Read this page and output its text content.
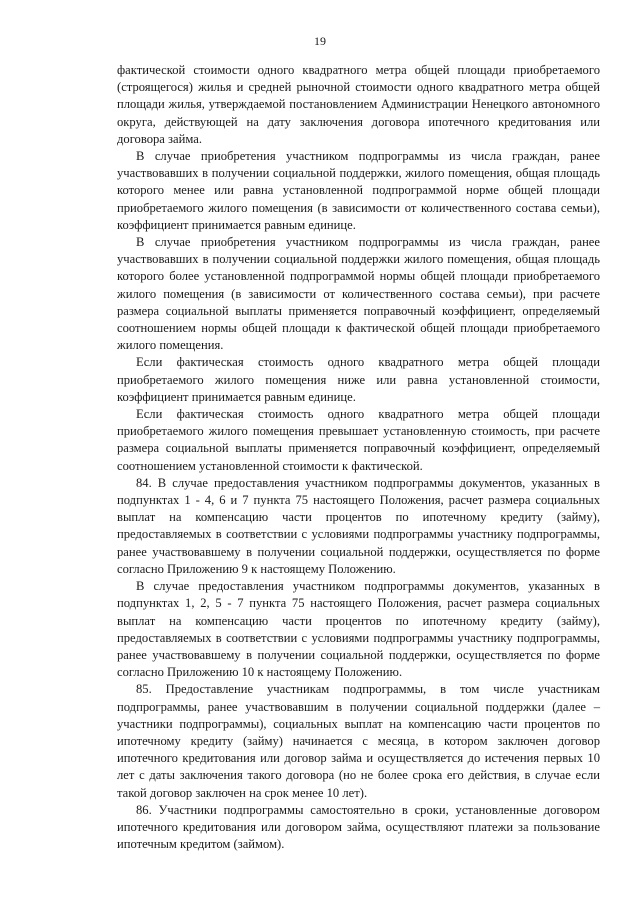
19

фактической стоимости одного квадратного метра общей площади приобретаемого (строящегося) жилья и средней рыночной стоимости одного квадратного метра общей площади жилья, утверждаемой постановлением Администрации Ненецкого автономного округа, действующей на дату заключения договора ипотечного кредитования или договора займа.

В случае приобретения участником подпрограммы из числа граждан, ранее участвовавших в получении социальной поддержки, жилого помещения, общая площадь которого менее или равна установленной подпрограммой норме общей площади приобретаемого жилого помещения (в зависимости от количественного состава семьи), коэффициент принимается равным единице.

В случае приобретения участником подпрограммы из числа граждан, ранее участвовавших в получении социальной поддержки жилого помещения, общая площадь которого более установленной подпрограммой нормы общей площади приобретаемого жилого помещения (в зависимости от количественного состава семьи), при расчете размера социальной выплаты применяется поправочный коэффициент, определяемый соотношением нормы общей площади к фактической общей площади приобретаемого жилого помещения.

Если фактическая стоимость одного квадратного метра общей площади приобретаемого жилого помещения ниже или равна установленной стоимости, коэффициент принимается равным единице.

Если фактическая стоимость одного квадратного метра общей площади приобретаемого жилого помещения превышает установленную стоимость, при расчете размера социальной выплаты применяется поправочный коэффициент, определяемый соотношением установленной стоимости к фактической.

84. В случае предоставления участником подпрограммы документов, указанных в подпунктах 1 - 4, 6 и 7 пункта 75 настоящего Положения, расчет размера социальных выплат на компенсацию части процентов по ипотечному кредиту (займу), предоставляемых в соответствии с условиями подпрограммы участнику подпрограммы, ранее участвовавшему в получении социальной поддержки, осуществляется по форме согласно Приложению 9 к настоящему Положению.

В случае предоставления участником подпрограммы документов, указанных в подпунктах 1, 2, 5 - 7 пункта 75 настоящего Положения, расчет размера социальных выплат на компенсацию части процентов по ипотечному кредиту (займу), предоставляемых в соответствии с условиями подпрограммы участнику подпрограммы, ранее участвовавшему в получении социальной поддержки, осуществляется по форме согласно Приложению 10 к настоящему Положению.

85. Предоставление участникам подпрограммы, в том числе участникам подпрограммы, ранее участвовавшим в получении социальной поддержки (далее – участники подпрограммы), социальных выплат на компенсацию части процентов по ипотечному кредиту (займу) начинается с месяца, в котором заключен договор ипотечного кредитования или договор займа и осуществляется до истечения первых 10 лет с даты заключения такого договора (но не более срока его действия, в случае если такой договор заключен на срок менее 10 лет).

86. Участники подпрограммы самостоятельно в сроки, установленные договором ипотечного кредитования или договором займа, осуществляют платежи за пользование ипотечным кредитом (займом).
